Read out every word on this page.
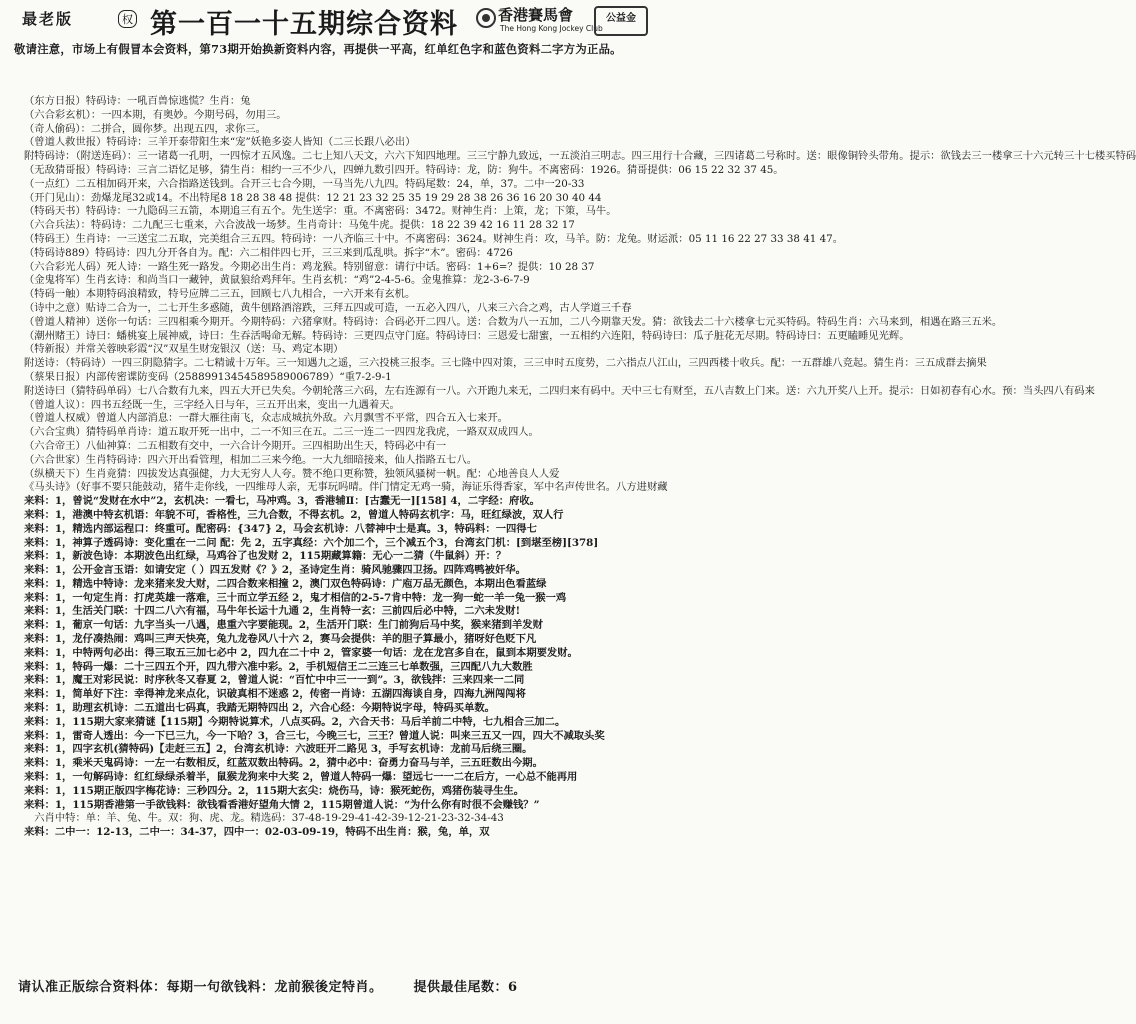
最老版	权 第一百一十五期综合资料	香港賽馬會
The Hong Kong Jockey Club
公益金
敬请注意，市场上有假冒本会资料，第73期开始换新资料内容，再提供一平高，红单红色字和蓝色资料二字方为正品。
（东方日报）特码诗：一吼百兽惊逃慌？生肖：兔
（六合彩玄机）：一四本期，有奥妙。今期号码，勿用三。
（奇人偷码）：二拼合，圆你梦。出现五四，求你三。
（曾道人救世报）特码诗：三羊开泰带阳生来“宠”妖艳多姿人皆知（二三长跟八必出）
附特码诗：（附送连码）：三一诸葛一孔明，一四惊才五风逸。二七上知八天文，六六下知四地理。三三宁静九致远，一五淡泊三明志。四三用行十合藏，三四诸葛二号称时。送：眼像铜铃头带角。提示：欲钱去三一楼拿三十六元转三十七楼买特码
（无敌猜哥报）特码诗：三言二语忆足够，猜生肖：相约一三不少八，四蝉九数引四开。特码诗：龙，防：狗牛。不离密码：1926。猜哥提供：06 15 22 32 37 45。
（一点红）二五相加码开来，六合指路送钱到。合开三七合今期，一马当先八九四。特码尾数：24，单，37。二中一20-33
（开门见山）：劲爆龙尾32或14。不出特尾8 18 28 38 48 提供：12 21 23 32 25 35 19 29 28 38 26 36 16 20 30 40 44
（特码天书）特码诗：一九隐码三五箭，本期追三有五个。先生送字：重。不离密码：3472。财神生肖：上策，龙；下策，马牛。
（六合兵法）：特码诗：二九配三七重来，六合波战一场梦。生肖奇计：马兔牛虎。提供：18 22 39 42 16 11 28 32 17
（特码王）生肖诗：一三送宝二五取，完美组合三五四。特码诗：一八齐临三十中。不离密码：3624。财神生肖：攻，马羊。防：龙兔。财运派：05 11 16 22 27 33 38 41 47。
（特码诗889）特码诗：四九分开各自为。配：六二相伴四七开，三三来到瓜乱哄。拆字“木”。密码：4726
（六合彩光人码）死人诗：一路生死一路发。今期必出生肖：鸡龙猴。特别留意：请行中话。密码：1+6=？提供：10 28 37
（金鬼将军）生肖玄诗：和尚当口一藏钟，黄鼠狼给鸡拜年。生肖玄机：“鸡”2-4-5-6。金鬼推算：龙2-3-6-7-9
（特码一触）本期特码浪精致，特号应牌二三五，回顾七八九相合，一六开来有玄机。
（诗中之意）贴诗二合为一，二七开生多惑随，黄牛刨路酒溶跌，三拜五四或可造，一五必入四八，八来三六合之鸡，古人学道三千春
（曾道人精神）送你一句话：三四相乘今期开。今期特码：六猪拿财。特码诗：合码必开二四八。送：合数为八一五加，二八今期靠天发。猜：欲钱去二十六楼拿七元买特码。特码生肖：六马来到，相遇在路三五米。
（潮州赌王）诗曰：蟠桃宴上展神威，诗曰：生吞活喝命无解。特码诗：三更四点守门庭。特码诗曰：三恩爱七甜蜜，一五相约六连阳，特码诗曰：瓜子脏花无尽期。特码诗曰：五更瞌睡见光辉。
（特新报）并常关蓉映彩霞“汉”双星生财宠银汉（送：马、鸡定本期）
附送诗：（特码诗）一四三阴隐猜字。二七精诚十万年。三一知遇九之遥，三六投桃三报李。三七隆中四对策，三三申时五度势，二六指点八江山，三四西楼十收兵。配：一五群雄八竞起。猜生肖：三五成群去摘果
（蔡果日报）内部传密谍防变码（25889913454589589006789）“重7-2-9-1
附送诗曰（猜特码单码）七八合数有九来，四五大开已失矣。今朝轮落三六码，左右连源有一八。六开跑九来无，二四归来有码中。天中三七有财至，五八吉数上门来。送：六九开奖八上开。提示：日如初春有心水。预：当头四八有码来
（曾道人议）：四书五经既一生，三字经入日与年，三五开出来，变出一九遇着天。
（曾道人权威）曾道人内部消息：一群大雁往南飞，众志成城抗外敌。六月飘雪不平常，四合五入七来开。
（六合宝典）猜特码单肖诗：道五取开死一出中，二一不知三在五。二三一连二一四四龙我虎，一路双双成四人。
（六合帝王）八仙神算：二五相数有交中，一六合计今期开。三四相助出生天，特码必中有一
（六合世家）生肖特码诗：四六开出看管理，相加二三来今绝。一大九细暗接来，仙人指路五七八。
（纵横天下）生肖竟猜：四拔发达真强健，力大无穷人人夸。赞不绝口更称赞，独领风骚树一帆。配：心地善良人人爱
《马头诗》（好事不要只能鼓动，猪牛走你线，一四维母人亲，无事玩吗晴。伴门情定无鸡一骑，海证乐得香家，军中名声传世名。八方进财藏
来料：1，曾说“发财在水中”2，玄机决：一看七，马冲鸡。3，香港辅Ⅱ：[古蠢无一][158] 4，二字经：府收。
来料：1，港澳中特玄机语：年貌不可，香格性，三九合数，不得玄机。2，曾道人特码玄机字：马，旺红绿波，双人行
来料：1，精选内部运程口：终重可。配密码：{347} 2，马会玄机诗：八替神中士是真。3，特码料：一四得七
来料：1，神算子透码诗：变化重在一二问 配：先 2，五字真经：六个加二个，三个减五个3，台湾玄门机：[到堪至榜][378]
来料：1，新波色诗：本期波色出红绿，马鸡谷了也发财 2，115期藏算籍：无心一二猜（牛鼠斜）开：？
来料：1，公开金言玉语：如请安定（ ）四五发财《？》2，圣诗定生肖：骑风驰骤四卫扬。四阵鸡鸭被奸华。
来料：1，精选中特诗：龙来猪来发大财，二四合数来相撞 2，澳门双色特码诗：广庖万品无颜色，本期出色看蓝绿
来料：1，一句定生肖：打虎英雄一落难，三十而立学五经 2，鬼才相信的2-5-7肯中特：龙一狗一蛇一羊一兔一猴一鸡
来料：1，生活关门联：十四二八六有福，马牛年长运十九通 2，生肖特一玄：三前四后必中特，二六未发财!
来料：1，葡京一句话：九字当头一八遇，患重六字要能现。2，生活开门联：生门前狗后马中奖，猴来猪到羊发财
来料：1，龙仔凑热闹：鸡叫三声天快亮，兔九龙卷风八十六 2，赛马会提供：羊的胆子算最小，猪呀好色贬下凡
来料：1，中特两句必出：得三取五三加七必中 2，四九在二十中 2，管家婆一句话：龙在龙宫多自在，鼠到本期要发财。
来料：1，特码一爆：二十三四五个开，四九带六准中彩。2，手机短信王二三连三七单数强，三四配八九大数胜
来料：1，魔王对彩民说：时序秋冬又春夏 2，曾道人说：“百忙中中三一一到”。3，欲钱拌：三来四来一二同
来料：1，简单好下注：幸得神龙来点化，识破真相不迷惑 2，传密一肖诗：五湖四海谈自身，四海九洲闯闯将
来料：1，助理玄机诗：二五道出七码真，我踏无期特四出 2，六合心经：今期特说字母，特码买单数。
来料：1，115期大家来猜谜【115期】今期特说算术，八点买码。2，六合天书：马后羊前二中特，七九相合三加二。
来料：1，雷奇人透出：今一下已三九，今一下哈？3，合三七，今晚三七，三王？曾道人说：叫来三五又一四，四大不减取头奖
来料：1，四字玄机(猜特码)【走赶三五】2，台湾玄机诗：六波旺开二路见 3，手写玄机诗：龙前马后绕三圈。
来料：1，乘米天鬼码诗：一左一右数相反，红蓝双数出特码。2，猜中必中：奋勇力奋马与羊，三五旺数出今期。
来料：1，一句解码诗：红红绿绿杀着半，鼠猴龙狗来中大奖 2，曾道人特码一爆：望远七一一二在后方，一心总不能再用
来料：1，115期正版四字梅花诗：三秒四分。2，115期大玄尖：烧伤马，诗：猴死蛇伤，鸡猪伤装寻生生。
来料：1，115期香港第一手欲钱料：欲钱看香港好望角大情 2，115期曾道人说：“为什么你有时很不会赚钱？”
　六肖中特：单：羊、兔、牛。双：狗、虎、龙。精选码：37-48-19-29-41-42-39-12-21-23-32-34-43
来料：二中一：12-13，二中一：34-37，四中一：02-03-09-19，特码不出生肖：猴，兔，单，双
请认准正版综合资料体：每期一句欲钱料：龙前猴後定特肖。 提供最佳尾数：6
